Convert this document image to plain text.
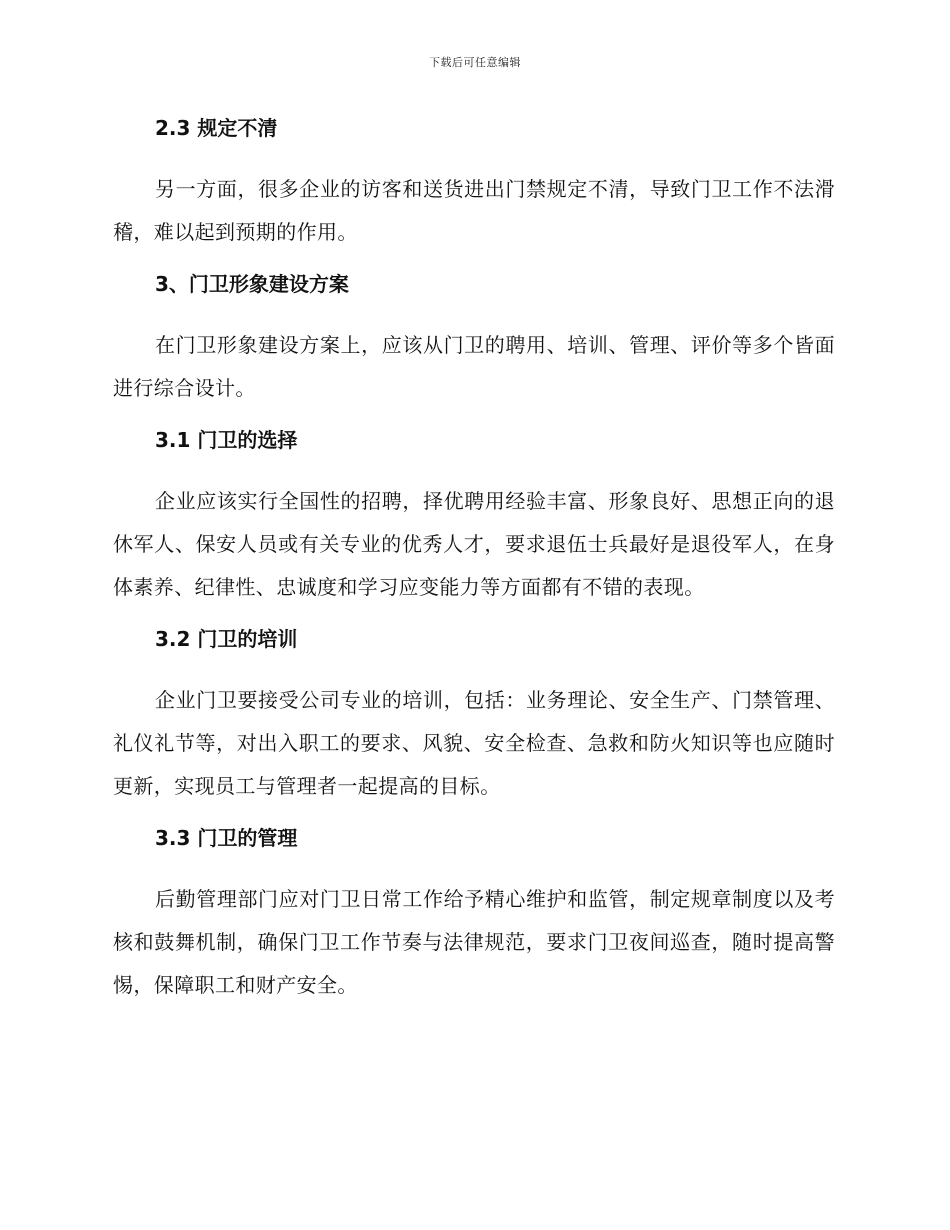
下载后可任意编辑
2.3 规定不清

另一方面，很多企业的访客和送货进出门禁规定不清，导致门卫工作不法滑稽，难以起到预期的作用。

3、门卫形象建设方案

在门卫形象建设方案上，应该从门卫的聘用、培训、管理、评价等多个皆面进行综合设计。

3.1 门卫的选择

企业应该实行全国性的招聘，择优聘用经验丰富、形象良好、思想正向的退休军人、保安人员或有关专业的优秀人才，要求退伍士兵最好是退役军人，在身体素养、纪律性、忠诚度和学习应变能力等方面都有不错的表现。

3.2 门卫的培训

企业门卫要接受公司专业的培训，包括：业务理论、安全生产、门禁管理、礼仪礼节等，对出入职工的要求、风貌、安全检查、急救和防火知识等也应随时更新，实现员工与管理者一起提高的目标。

3.3 门卫的管理

后勤管理部门应对门卫日常工作给予精心维护和监管，制定规章制度以及考核和鼓舞机制，确保门卫工作节奏与法律规范，要求门卫夜间巡查，随时提高警惕，保障职工和财产安全。
